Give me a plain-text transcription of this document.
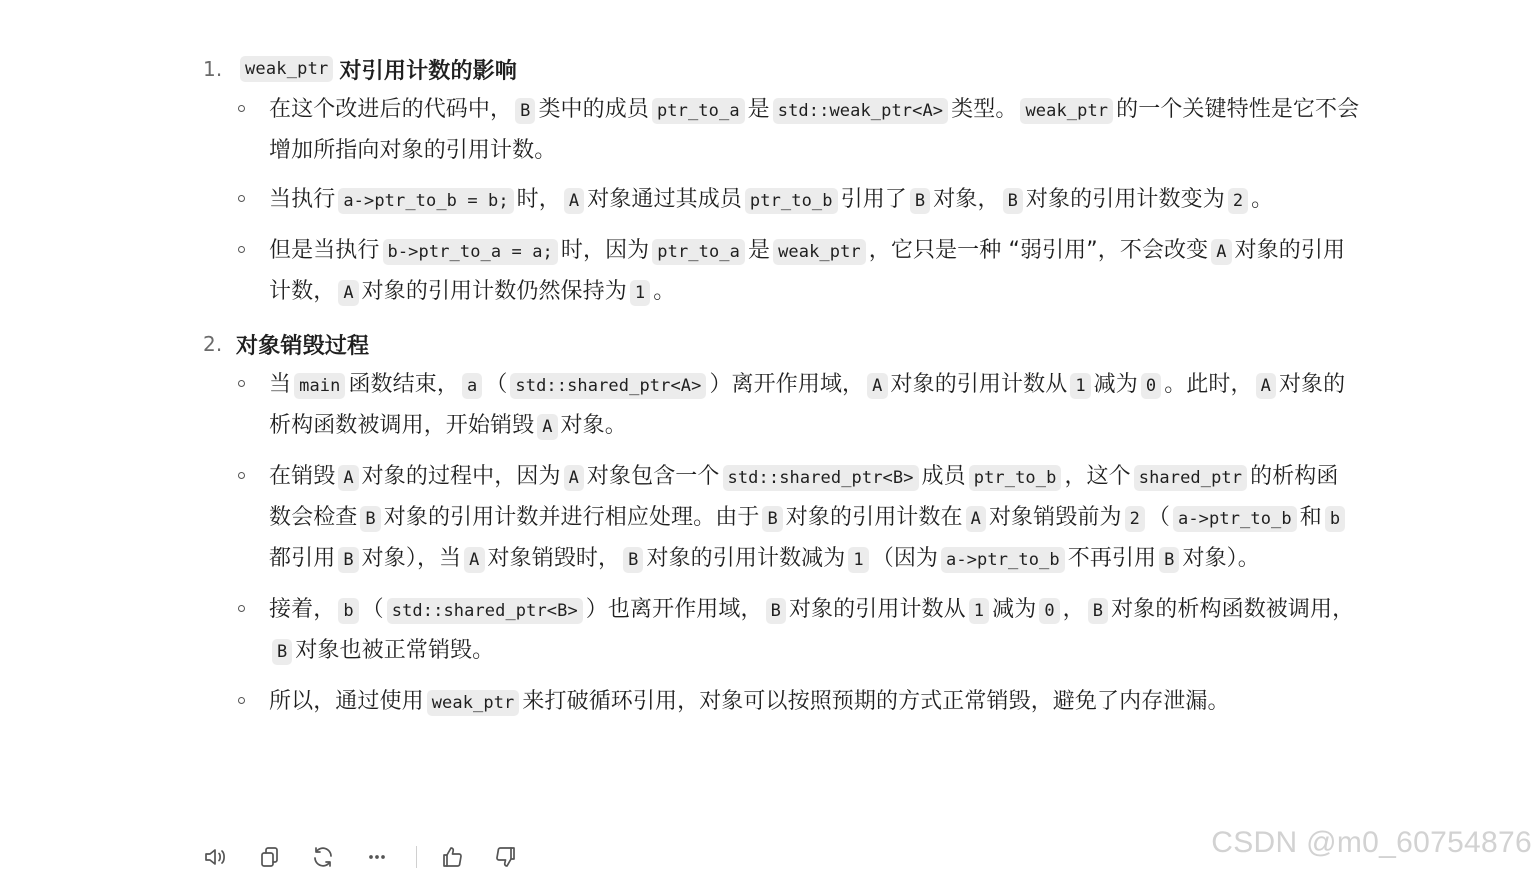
1.	weak_ptr 对引用计数的影响
在这个改进后的代码中， B 类中的成员 ptr_to_a 是 std::weak_ptr<A> 类型。 weak_ptr 的一个关键特性是它不会增加所指向对象的引用计数。
当执行 a->ptr_to_b = b; 时， A 对象通过其成员 ptr_to_b 引用了 B 对象， B 对象的引用计数变为 2 。
但是当执行 b->ptr_to_a = a; 时，因为 ptr_to_a 是 weak_ptr ，它只是一种 “弱引用”，不会改变 A 对象的引用计数， A 对象的引用计数仍然保持为 1 。
2. 对象销毁过程
当 main 函数结束， a （ std::shared_ptr<A> ）离开作用域， A 对象的引用计数从 1 减为 0 。此时， A 对象的析构函数被调用，开始销毁 A 对象。
在销毁 A 对象的过程中，因为 A 对象包含一个 std::shared_ptr<B> 成员 ptr_to_b ，这个 shared_ptr 的析构函数会检查 B 对象的引用计数并进行相应处理。由于 B 对象的引用计数在 A 对象销毁前为 2 （ a->ptr_to_b 和 b都引用 B 对象），当 A 对象销毁时， B 对象的引用计数减为 1 （因为 a->ptr_to_b 不再引用 B 对象）。
接着， b （ std::shared_ptr<B> ）也离开作用域， B 对象的引用计数从 1 减为 0 ， B 对象的析构函数被调用，B 对象也被正常销毁。
所以，通过使用 weak_ptr 来打破循环引用，对象可以按照预期的方式正常销毁，避免了内存泄漏。
CSDN @m0_60754876
